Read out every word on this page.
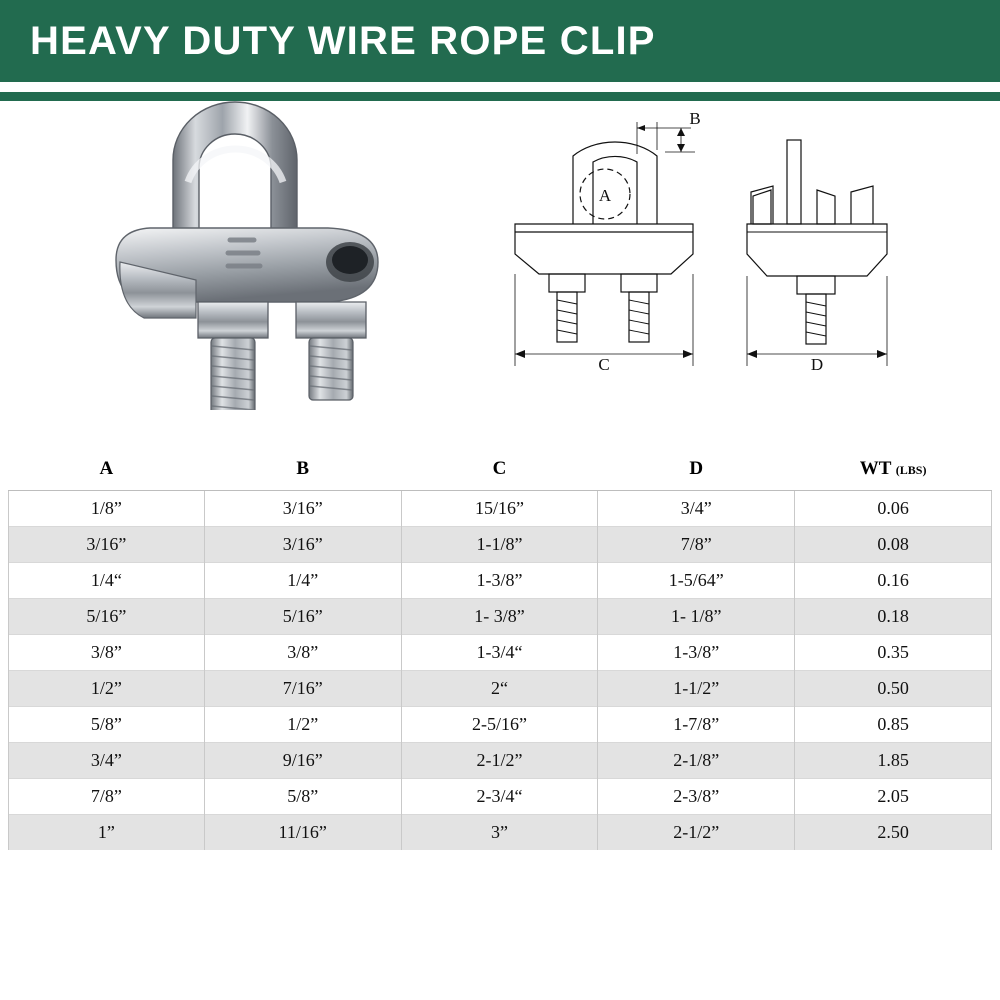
HEAVY DUTY WIRE ROPE CLIP
A
B
C	D
A	B	C	D	WT (LBS)
1/8”	3/16”	15/16”	3/4”	0.06
3/16”	3/16”	1-1/8”	7/8”	0.08
1/4“	1/4”	1-3/8”	1-5/64”	0.16
5/16”	5/16”	1- 3/8”	1- 1/8”	0.18
3/8”	3/8”	1-3/4“	1-3/8”	0.35
1/2”	7/16”	2“	1-1/2”	0.50
5/8”	1/2”	2-5/16”	1-7/8”	0.85
3/4”	9/16”	2-1/2”	2-1/8”	1.85
7/8”	5/8”	2-3/4“	2-3/8”	2.05
1”	11/16”	3”	2-1/2”	2.50
